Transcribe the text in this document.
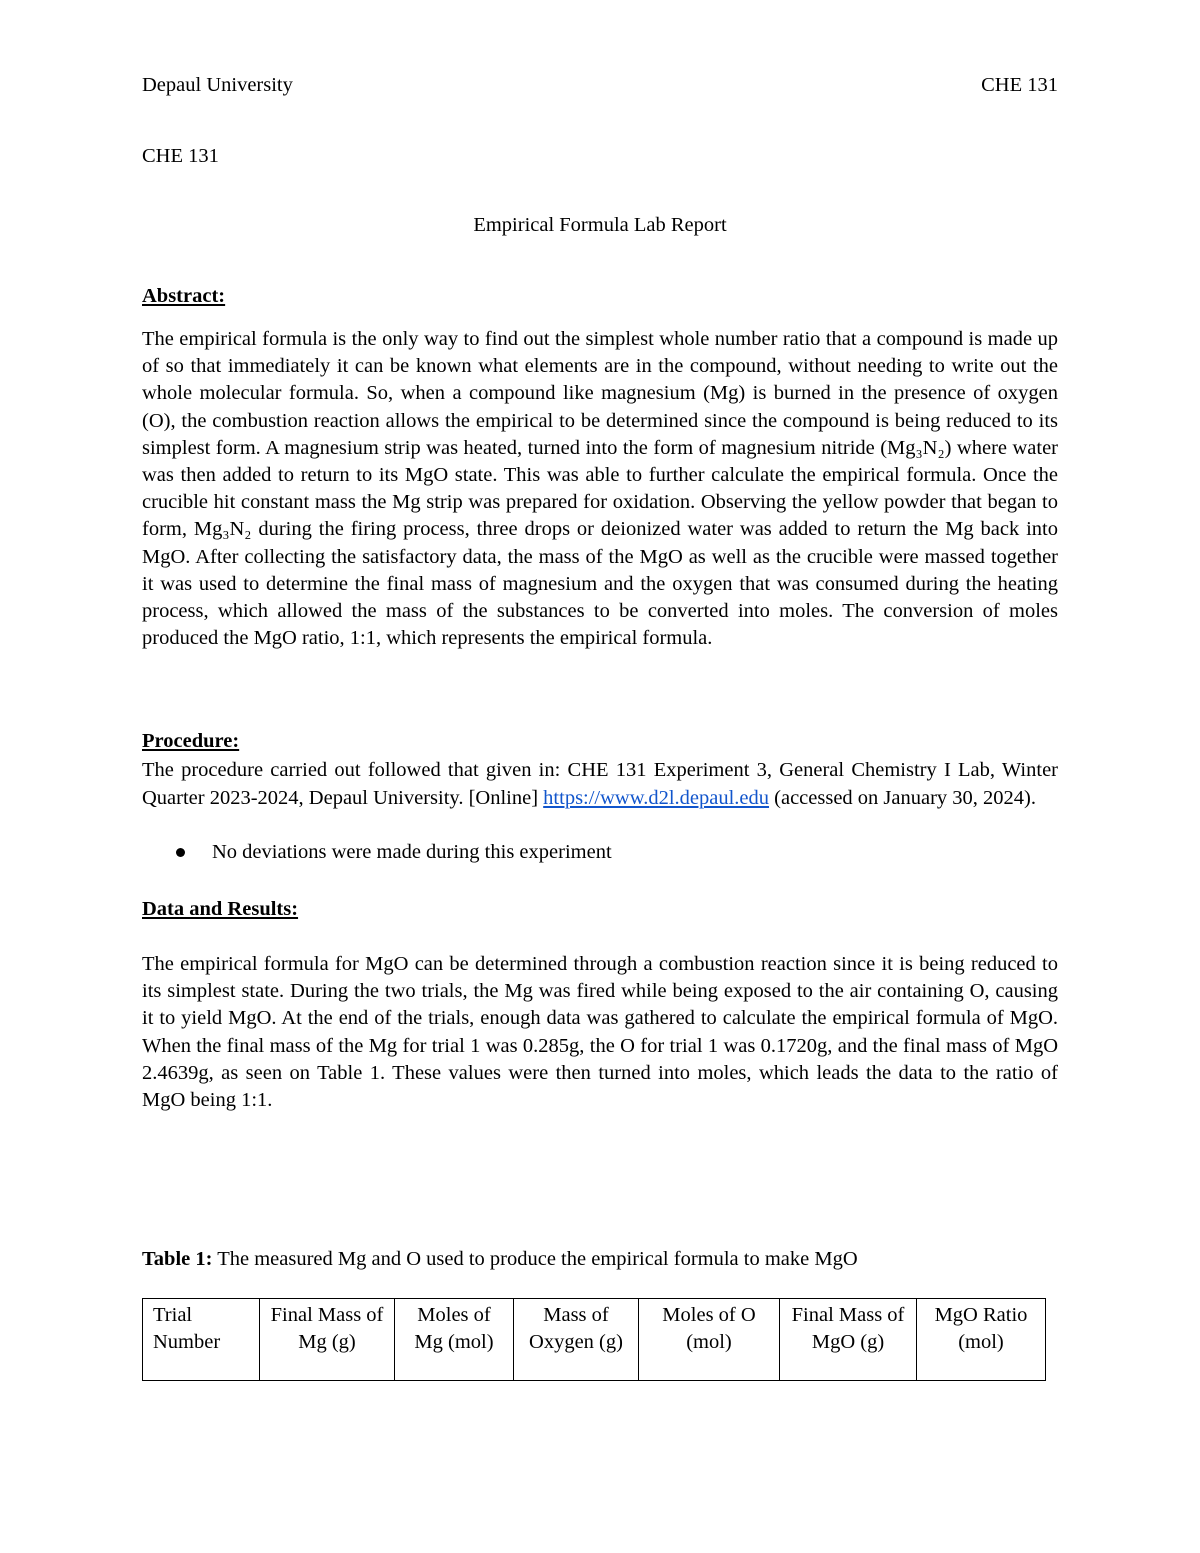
Depaul University	CHE 131
CHE 131
Empirical Formula Lab Report
Abstract:

The empirical formula is the only way to find out the simplest whole number ratio that a compound is made up of so that immediately it can be known what elements are in the compound, without needing to write out the whole molecular formula. So, when a compound like magnesium (Mg) is burned in the presence of oxygen (O), the combustion reaction allows the empirical to be determined since the compound is being reduced to its simplest form. A magnesium strip was heated, turned into the form of magnesium nitride (Mg₃N₂) where water was then added to return to its MgO state. This was able to further calculate the empirical formula. Once the crucible hit constant mass the Mg strip was prepared for oxidation. Observing the yellow powder that began to form, Mg₃N₂ during the firing process, three drops or deionized water was added to return the Mg back into MgO. After collecting the satisfactory data, the mass of the MgO as well as the crucible were massed together it was used to determine the final mass of magnesium and the oxygen that was consumed during the heating process, which allowed the mass of the substances to be converted into moles. The conversion of moles produced the MgO ratio, 1:1, which represents the empirical formula.

Procedure:

The procedure carried out followed that given in: CHE 131 Experiment 3, General Chemistry I Lab, Winter Quarter 2023-2024, Depaul University. [Online] https://www.d2l.depaul.edu (accessed on January 30, 2024).

No deviations were made during this experiment
Data and Results:

The empirical formula for MgO can be determined through a combustion reaction since it is being reduced to its simplest state. During the two trials, the Mg was fired while being exposed to the air containing O, causing it to yield MgO. At the end of the trials, enough data was gathered to calculate the empirical formula of MgO. When the final mass of the Mg for trial 1 was 0.285g, the O for trial 1 was 0.1720g, and the final mass of MgO 2.4639g, as seen on Table 1. These values were then turned into moles, which leads the data to the ratio of MgO being 1:1.

Table 1: The measured Mg and O used to produce the empirical formula to make MgO
Trial Number	Final Mass of Mg (g)	Moles of Mg (mol)	Mass of Oxygen (g)	Moles of O (mol)	Final Mass of MgO (g)	MgO Ratio (mol)
